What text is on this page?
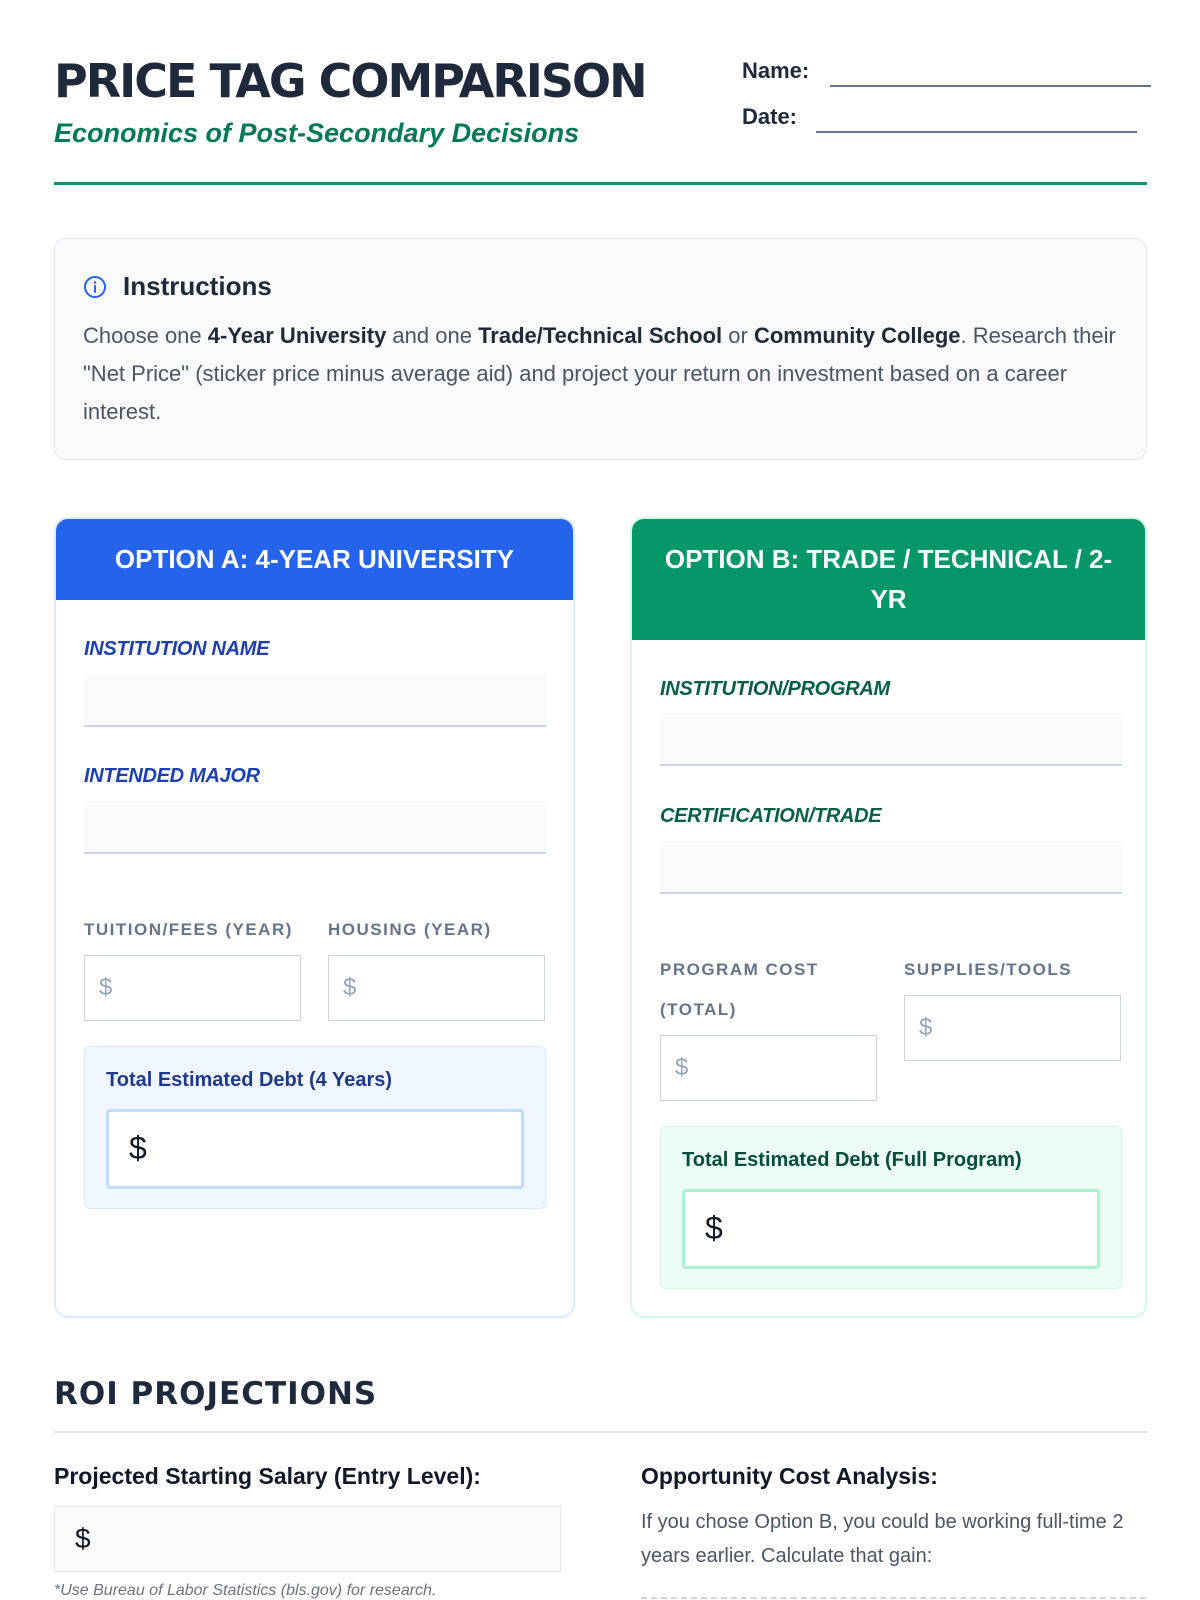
PRICE TAG COMPARISON
Economics of Post-Secondary Decisions
Name:
Date:
Instructions
Choose one 4-Year University and one Trade/Technical School or Community College. Research their "Net Price" (sticker price minus average aid) and project your return on investment based on a career interest.
OPTION A: 4-YEAR UNIVERSITY
INSTITUTION NAME
INTENDED MAJOR
TUITION/FEES (YEAR)	HOUSING (YEAR)
$	$
Total Estimated Debt (4 Years)
$
OPTION B: TRADE / TECHNICAL / 2-YR
INSTITUTION/PROGRAM
CERTIFICATION/TRADE
PROGRAM COST (TOTAL)
SUPPLIES/TOOLS
$
$
Total Estimated Debt (Full Program)
$
ROI PROJECTIONS
Projected Starting Salary (Entry Level):
$
*Use Bureau of Labor Statistics (bls.gov) for research.
Opportunity Cost Analysis:
If you chose Option B, you could be working full-time 2 years earlier. Calculate that gain:
